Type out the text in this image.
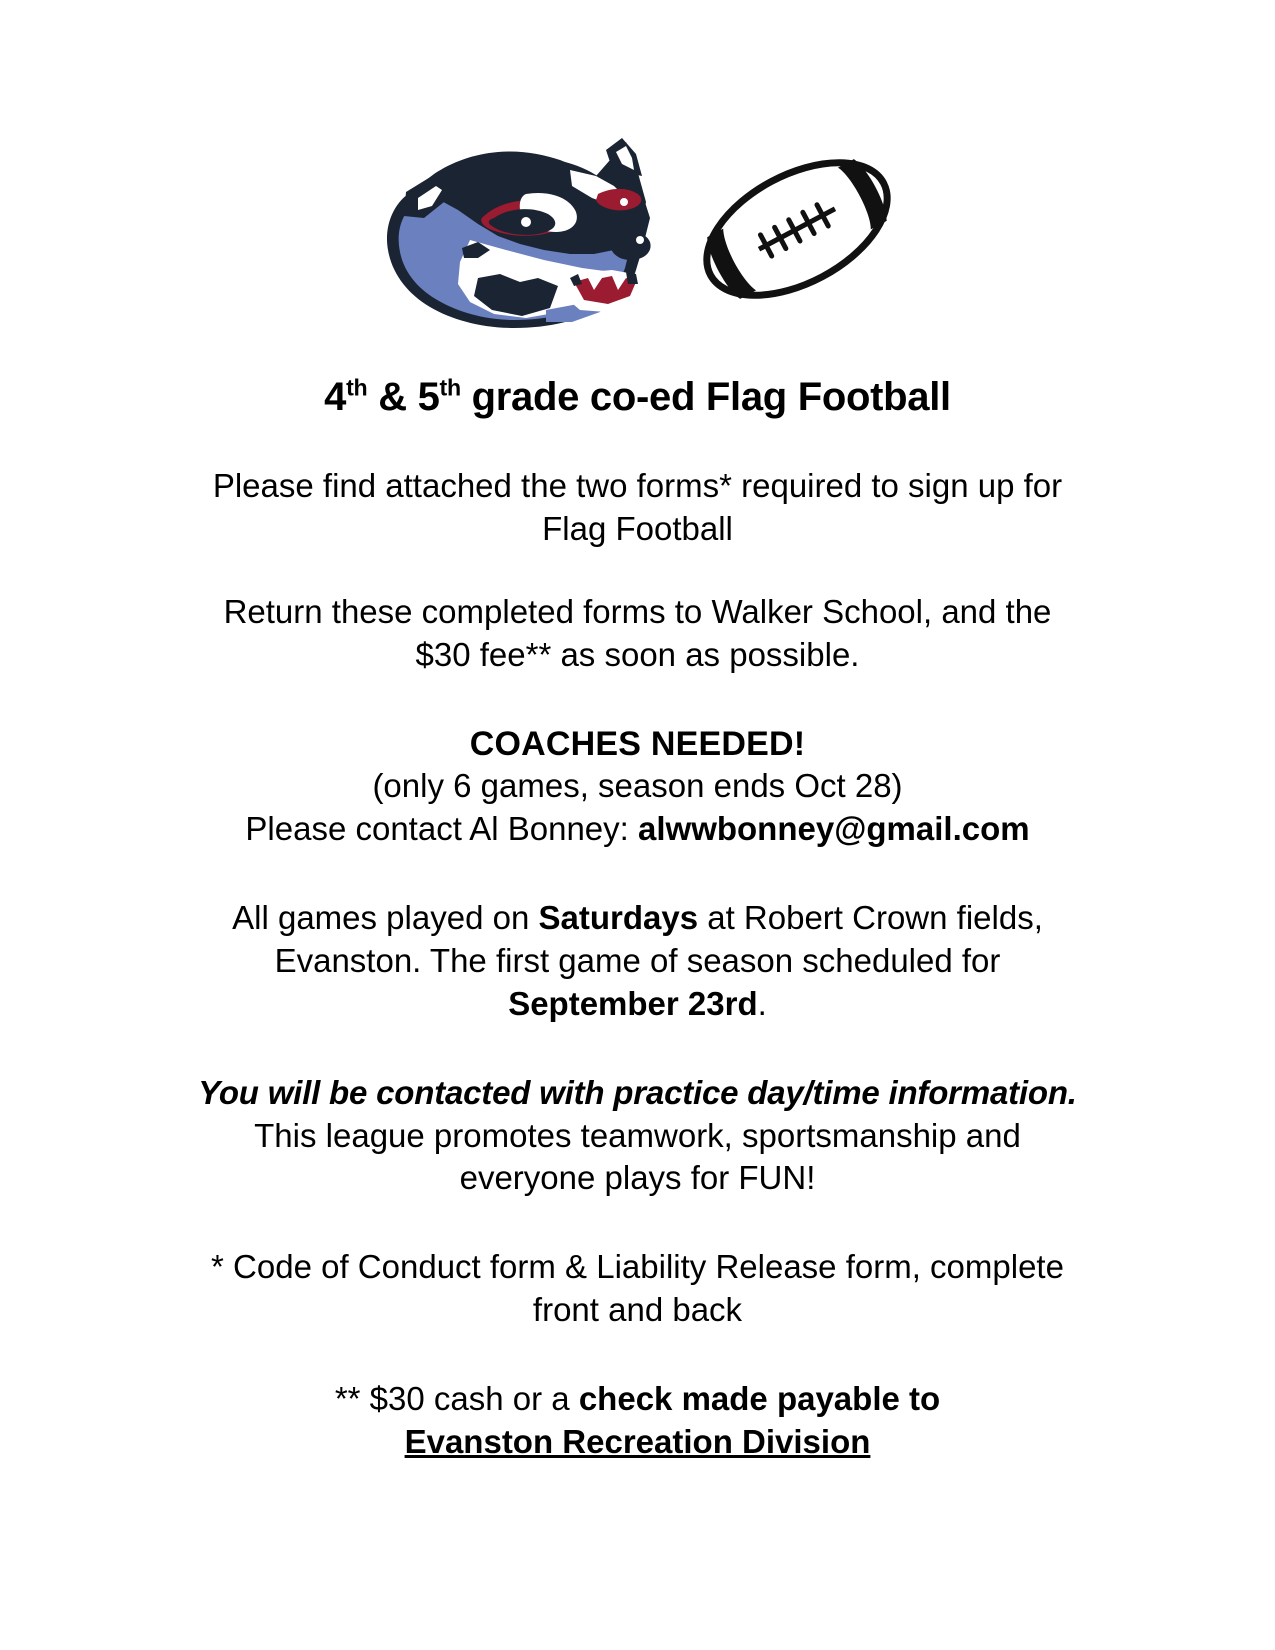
4th & 5th grade co-ed Flag Football

Please find attached the two forms* required to sign up for

Flag Football

Return these completed forms to Walker School, and the

$30 fee** as soon as possible.

COACHES NEEDED!

(only 6 games, season ends Oct 28)

Please contact Al Bonney: alwwbonney@gmail.com

All games played on Saturdays at Robert Crown fields,

Evanston. The first game of season scheduled for

September 23rd.

You will be contacted with practice day/time information.

This league promotes teamwork, sportsmanship and

everyone plays for FUN!

* Code of Conduct form & Liability Release form, complete

front and back

** $30 cash or a check made payable to

Evanston Recreation Division
